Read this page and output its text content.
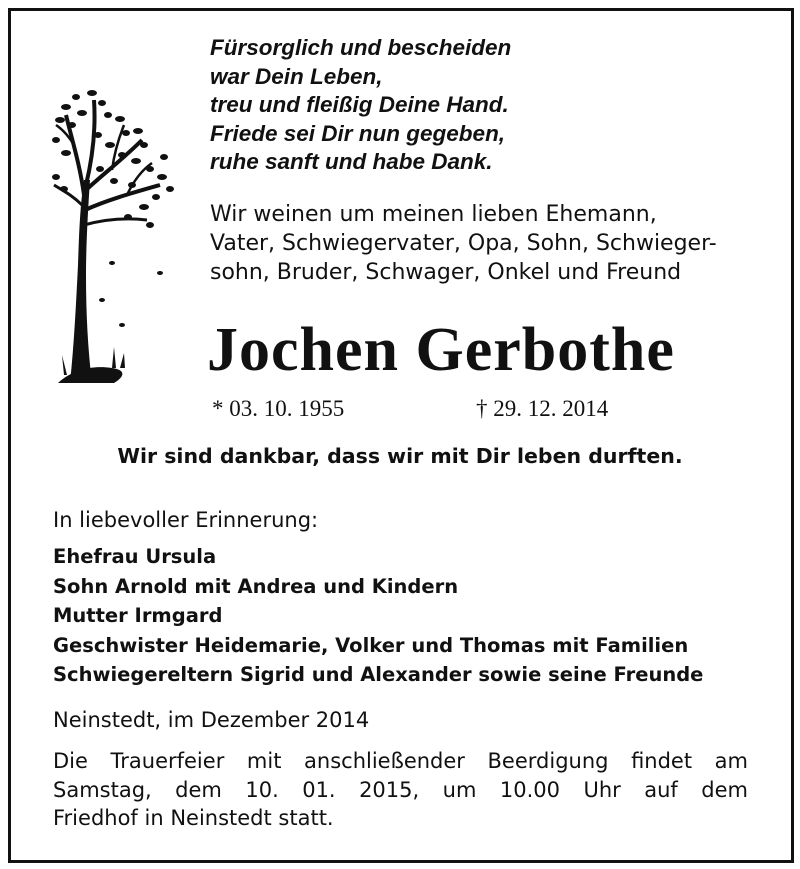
Fürsorglich und bescheiden
war Dein Leben,
treu und fleißig Deine Hand.
Friede sei Dir nun gegeben,
ruhe sanft und habe Dank.
Wir weinen um meinen lieben Ehemann,
Vater, Schwiegervater, Opa, Sohn, Schwieger-
sohn, Bruder, Schwager, Onkel und Freund
Jochen Gerbothe
* 03. 10. 1955	† 29. 12. 2014
Wir sind dankbar, dass wir mit Dir leben durften.
In liebevoller Erinnerung:
Ehefrau Ursula
Sohn Arnold mit Andrea und Kindern
Mutter Irmgard
Geschwister Heidemarie, Volker und Thomas mit Familien
Schwiegereltern Sigrid und Alexander sowie seine Freunde
Neinstedt, im Dezember 2014
Die Trauerfeier mit anschließender Beerdigung findet am
Samstag, dem 10. 01. 2015, um 10.00 Uhr auf dem
Friedhof in Neinstedt statt.
